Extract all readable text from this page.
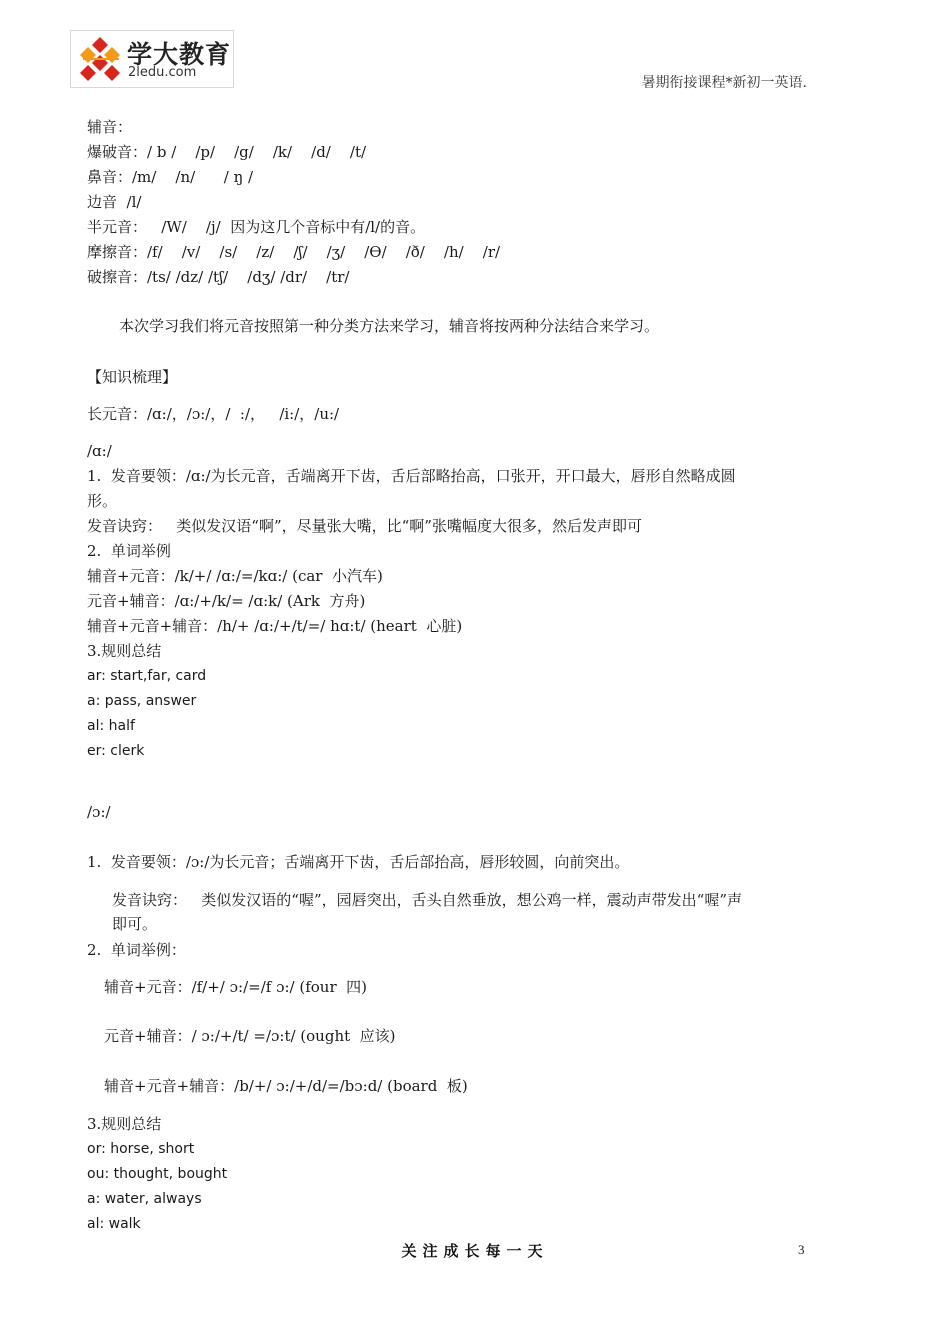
学大教育
2ledu.com
暑期衔接课程*新初一英语.
辅音：
爆破音：/ b /    /p/    /g/    /k/    /d/    /t/
鼻音：/m/    /n/      / ŋ /
边音  /l/
半元音：   /W/    /j/  因为这几个音标中有/l/的音。
摩擦音：/f/    /v/    /s/    /z/    /ʃ/    /ʒ/    /Ө/    /ð/    /h/    /r/
破擦音：/ts/ /dz/ /tʃ/    /dʒ/ /dr/    /tr/
本次学习我们将元音按照第一种分类方法来学习，辅音将按两种分法结合来学习。
【知识梳理】
长元音：/ɑ:/，/ɔ:/，/  :/，   /i:/，/u:/
/ɑ:/
1.  发音要领：/ɑ:/为长元音，舌端离开下齿，舌后部略抬高，口张开，开口最大，唇形自然略成圆
形。
发音诀窍：   类似发汉语“啊”，尽量张大嘴，比“啊”张嘴幅度大很多，然后发声即可
2.  单词举例
辅音+元音：/k/+/ /ɑ:/=/kɑ:/ (car  小汽车)
元音+辅音：/ɑ:/+/k/= /ɑ:k/ (Ark  方舟)
辅音+元音+辅音：/h/+ /ɑ:/+/t/=/ hɑ:t/ (heart  心脏)
3.规则总结
ar: start,far, card
a: pass, answer
al: half
er: clerk
/ɔ:/
1.  发音要领：/ɔ:/为长元音；舌端离开下齿，舌后部抬高，唇形较圆，向前突出。
发音诀窍：   类似发汉语的“喔”，园唇突出，舌头自然垂放，想公鸡一样，震动声带发出“喔”声
即可。
2.  单词举例：
辅音+元音：/f/+/ ɔ:/=/f ɔ:/ (four  四)
元音+辅音：/ ɔ:/+/t/ =/ɔ:t/ (ought  应该)
辅音+元音+辅音：/b/+/ ɔ:/+/d/=/bɔ:d/ (board  板)
3.规则总结
or: horse, short
ou: thought, bought
a: water, always
al: walk
关注成长每一天	3
